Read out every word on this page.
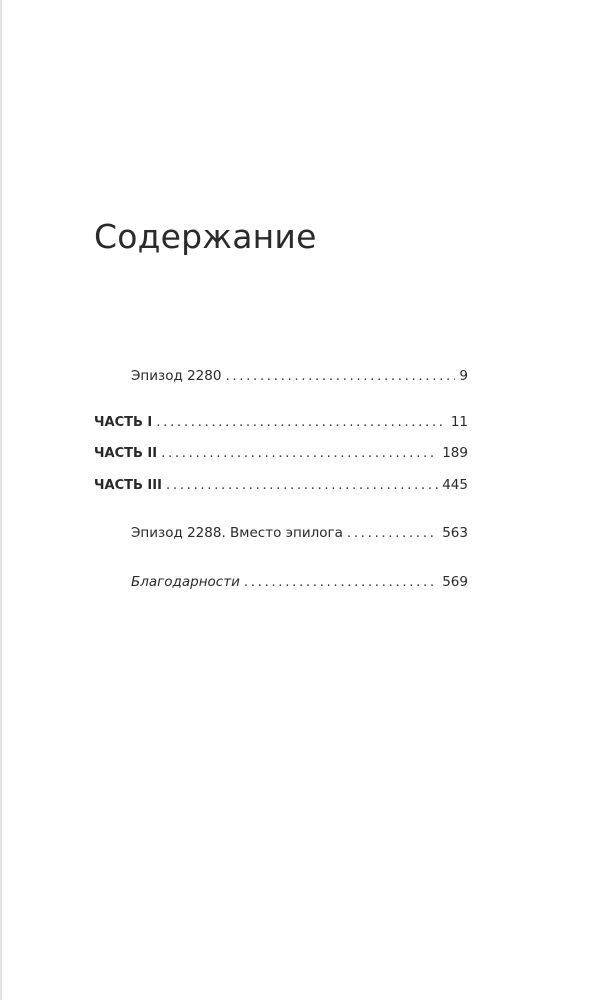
Содержание
Эпизод 2280 .....	9
ЧАСТЬ I .....	11
ЧАСТЬ II .....	189
ЧАСТЬ III .....	445
Эпизод 2288. Вместо эпилога .....	563
Благодарности .....	569
